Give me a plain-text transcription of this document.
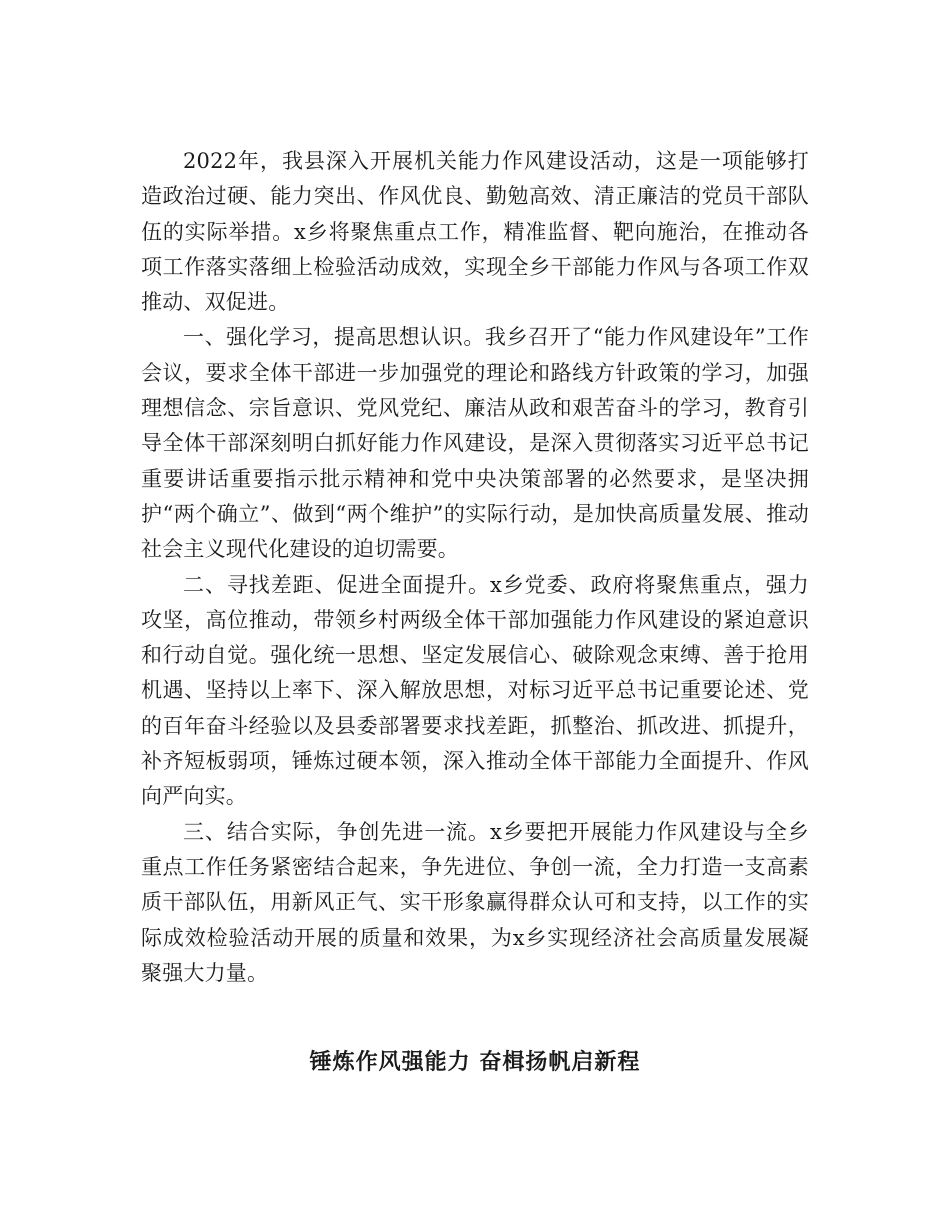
2022年，我县深入开展机关能力作风建设活动，这是一项能够打造政治过硬、能力突出、作风优良、勤勉高效、清正廉洁的党员干部队伍的实际举措。x乡将聚焦重点工作，精准监督、靶向施治，在推动各项工作落实落细上检验活动成效，实现全乡干部能力作风与各项工作双推动、双促进。

一、强化学习，提高思想认识。我乡召开了“能力作风建设年”工作会议，要求全体干部进一步加强党的理论和路线方针政策的学习，加强理想信念、宗旨意识、党风党纪、廉洁从政和艰苦奋斗的学习，教育引导全体干部深刻明白抓好能力作风建设，是深入贯彻落实习近平总书记重要讲话重要指示批示精神和党中央决策部署的必然要求，是坚决拥护“两个确立”、做到“两个维护”的实际行动，是加快高质量发展、推动社会主义现代化建设的迫切需要。

二、寻找差距、促进全面提升。x乡党委、政府将聚焦重点，强力攻坚，高位推动，带领乡村两级全体干部加强能力作风建设的紧迫意识和行动自觉。强化统一思想、坚定发展信心、破除观念束缚、善于抢用机遇、坚持以上率下、深入解放思想，对标习近平总书记重要论述、党的百年奋斗经验以及县委部署要求找差距，抓整治、抓改进、抓提升，补齐短板弱项，锤炼过硬本领，深入推动全体干部能力全面提升、作风向严向实。

三、结合实际，争创先进一流。x乡要把开展能力作风建设与全乡重点工作任务紧密结合起来，争先进位、争创一流，全力打造一支高素质干部队伍，用新风正气、实干形象赢得群众认可和支持，以工作的实际成效检验活动开展的质量和效果，为x乡实现经济社会高质量发展凝聚强大力量。

锤炼作风强能力 奋楫扬帆启新程
